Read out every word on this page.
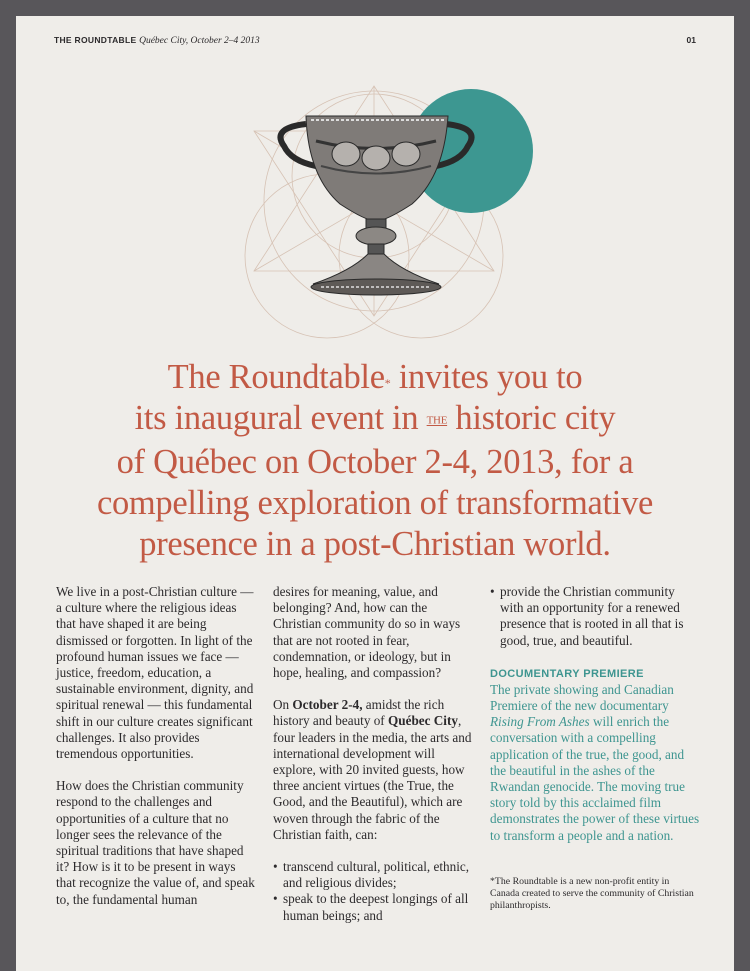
THE ROUNDTABLE Québec City, October 2–4 2013	01
The Roundtable* invites you to
its inaugural event in THE historic city
of Québec on October 2-4, 2013, for a
compelling exploration of transformative
presence in a post-Christian world.

We live in a post-Christian culture — a culture where the religious ideas that have shaped it are being dismissed or forgotten. In light of the profound human issues we face — justice, freedom, education, a sustainable environment, dignity, and spiritual renewal — this fundamental shift in our culture creates significant challenges. It also provides tremendous opportunities.

How does the Christian community respond to the challenges and opportunities of a culture that no longer sees the relevance of the spiritual traditions that have shaped it? How is it to be present in ways that recognize the value of, and speak to, the fundamental human

desires for meaning, value, and belonging? And, how can the Christian community do so in ways that are not rooted in fear, condemnation, or ideology, but in hope, healing, and compassion?

On October 2-4, amidst the rich history and beauty of Québec City, four leaders in the media, the arts and international development will explore, with 20 invited guests, how three ancient virtues (the True, the Good, and the Beautiful), which are woven through the fabric of the Christian faith, can:

• transcend cultural, political, ethnic, and religious divides;
• speak to the deepest longings of all human beings; and
• provide the Christian community with an opportunity for a renewed presence that is rooted in all that is good, true, and beautiful.
DOCUMENTARY PREMIERE
The private showing and Canadian Premiere of the new documentary Rising From Ashes will enrich the conversation with a compelling application of the true, the good, and the beautiful in the ashes of the Rwandan genocide. The moving true story told by this acclaimed film demonstrates the power of these virtues to transform a people and a nation.
*The Roundtable is a new non-profit entity in Canada created to serve the community of Christian philanthropists.
